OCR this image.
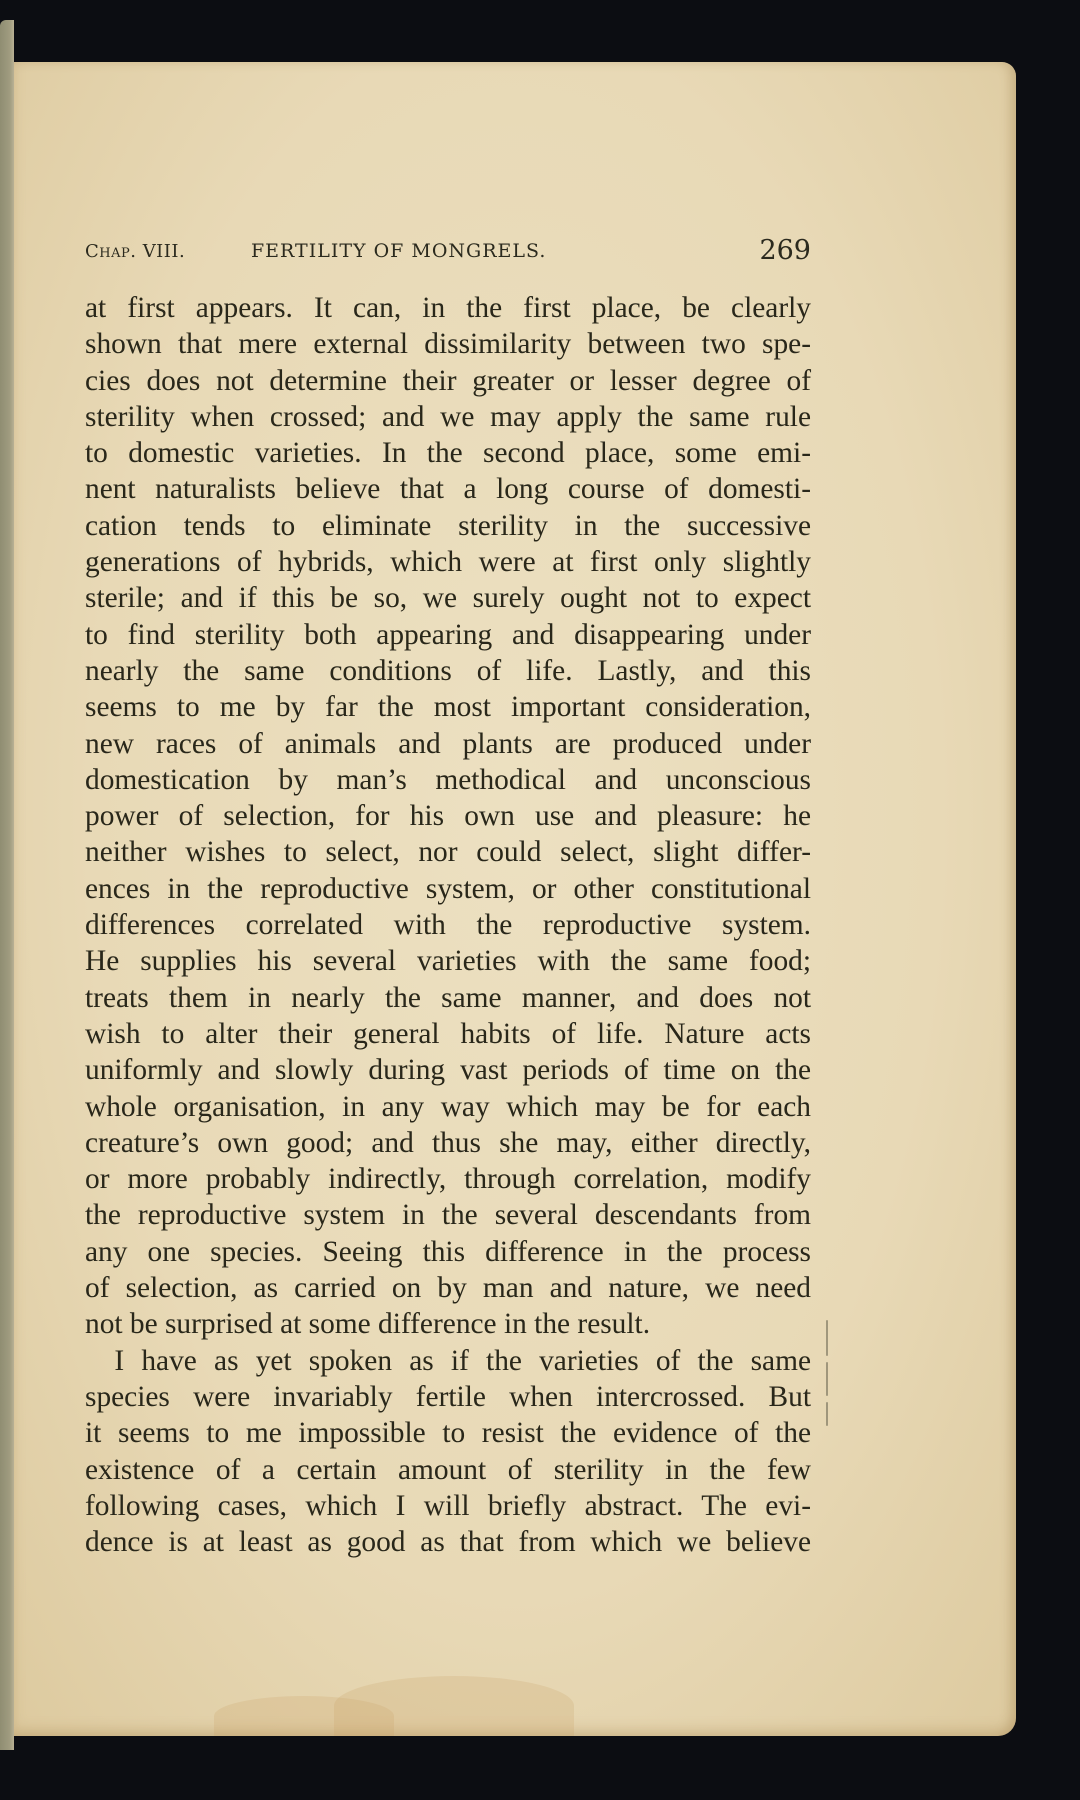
Chap. VIII.	FERTILITY OF MONGRELS.	269
at first appears. It can, in the first place, be clearly
shown that mere external dissimilarity between two spe-
cies does not determine their greater or lesser degree of
sterility when crossed; and we may apply the same rule
to domestic varieties. In the second place, some emi-
nent naturalists believe that a long course of domesti-
cation tends to eliminate sterility in the successive
generations of hybrids, which were at first only slightly
sterile; and if this be so, we surely ought not to expect
to find sterility both appearing and disappearing under
nearly the same conditions of life. Lastly, and this
seems to me by far the most important consideration,
new races of animals and plants are produced under
domestication by man’s methodical and unconscious
power of selection, for his own use and pleasure: he
neither wishes to select, nor could select, slight differ-
ences in the reproductive system, or other constitutional
differences correlated with the reproductive system.
He supplies his several varieties with the same food;
treats them in nearly the same manner, and does not
wish to alter their general habits of life. Nature acts
uniformly and slowly during vast periods of time on the
whole organisation, in any way which may be for each
creature’s own good; and thus she may, either directly,
or more probably indirectly, through correlation, modify
the reproductive system in the several descendants from
any one species. Seeing this difference in the process
of selection, as carried on by man and nature, we need
not be surprised at some difference in the result.
I have as yet spoken as if the varieties of the same
species were invariably fertile when intercrossed. But
it seems to me impossible to resist the evidence of the
existence of a certain amount of sterility in the few
following cases, which I will briefly abstract. The evi-
dence is at least as good as that from which we believe
